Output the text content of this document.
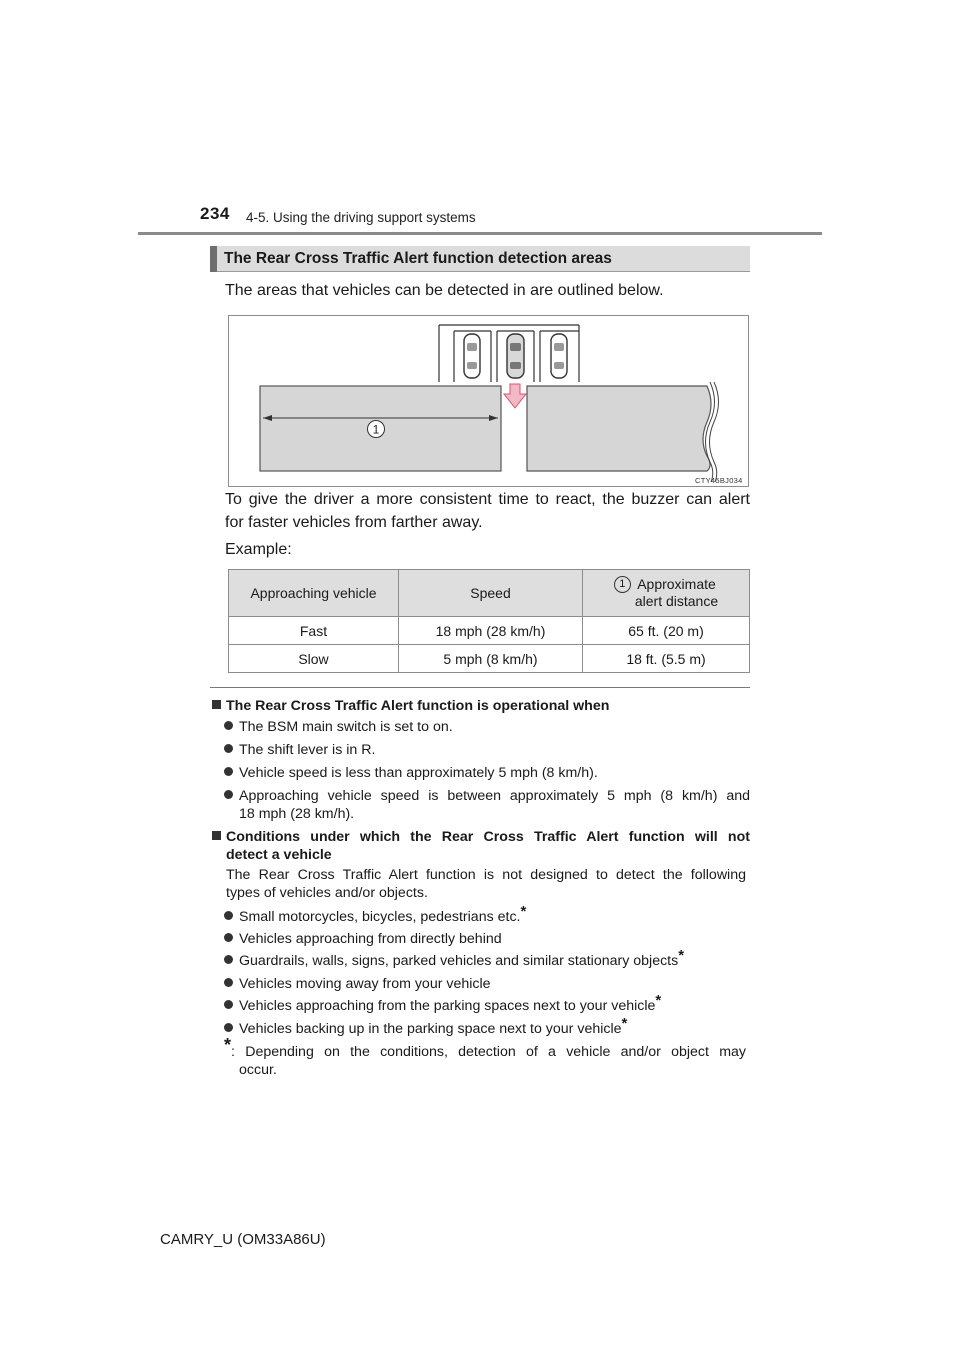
234 4-5. Using the driving support systems
The Rear Cross Traffic Alert function detection areas
The areas that vehicles can be detected in are outlined below.
1
CTY45BJ034
To give the driver a more consistent time to react, the buzzer can alert
for faster vehicles from farther away.
Example:
Approaching vehicle	Speed	1 Approximate
alert distance
Fast	18 mph (28 km/h)	65 ft. (20 m)
Slow	5 mph (8 km/h)	18 ft. (5.5 m)
The Rear Cross Traffic Alert function is operational when
The BSM main switch is set to on.
The shift lever is in R.
Vehicle speed is less than approximately 5 mph (8 km/h).
Approaching vehicle speed is between approximately 5 mph (8 km/h) and
18 mph (28 km/h).
Conditions under which the Rear Cross Traffic Alert function will not
detect a vehicle
The Rear Cross Traffic Alert function is not designed to detect the following
types of vehicles and/or objects.
Small motorcycles, bicycles, pedestrians etc.*
Vehicles approaching from directly behind
Guardrails, walls, signs, parked vehicles and similar stationary objects*
Vehicles moving away from your vehicle
Vehicles approaching from the parking spaces next to your vehicle*
Vehicles backing up in the parking space next to your vehicle*
*: Depending on the conditions, detection of a vehicle and/or object may
occur.
CAMRY_U (OM33A86U)
